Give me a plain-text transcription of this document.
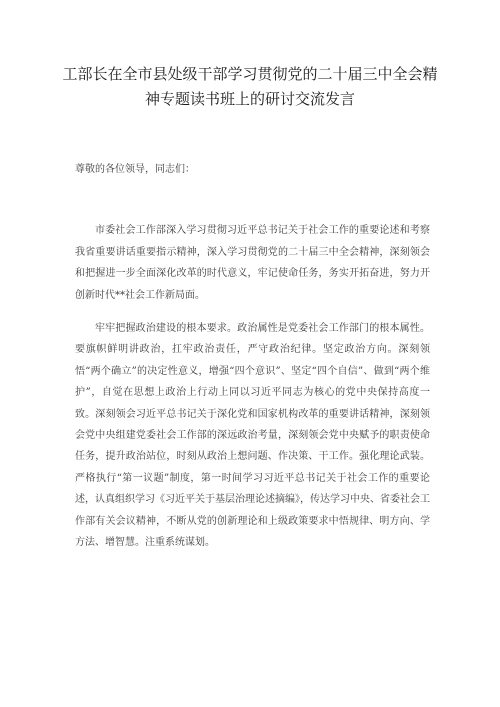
工部长在全市县处级干部学习贯彻党的二十届三中全会精神专题读书班上的研讨交流发言

尊敬的各位领导，同志们：

市委社会工作部深入学习贯彻习近平总书记关于社会工作的重要论述和考察我省重要讲话重要指示精神，深入学习贯彻党的二十届三中全会精神，深刻领会和把握进一步全面深化改革的时代意义，牢记使命任务，务实开拓奋进，努力开创新时代**社会工作新局面。

牢牢把握政治建设的根本要求。政治属性是党委社会工作部门的根本属性。要旗帜鲜明讲政治，扛牢政治责任，严守政治纪律。坚定政治方向。深刻领悟“两个确立”的决定性意义，增强“四个意识”、坚定“四个自信”、做到“两个维护”，自觉在思想上政治上行动上同以习近平同志为核心的党中央保持高度一致。深刻领会习近平总书记关于深化党和国家机构改革的重要讲话精神，深刻领会党中央组建党委社会工作部的深远政治考量，深刻领会党中央赋予的职责使命任务，提升政治站位，时刻从政治上想问题、作决策、干工作。强化理论武装。严格执行“第一议题”制度，第一时间学习习近平总书记关于社会工作的重要论述，认真组织学习《习近平关于基层治理论述摘编》，传达学习中央、省委社会工作部有关会议精神，不断从党的创新理论和上级政策要求中悟规律、明方向、学方法、增智慧。注重系统谋划。
